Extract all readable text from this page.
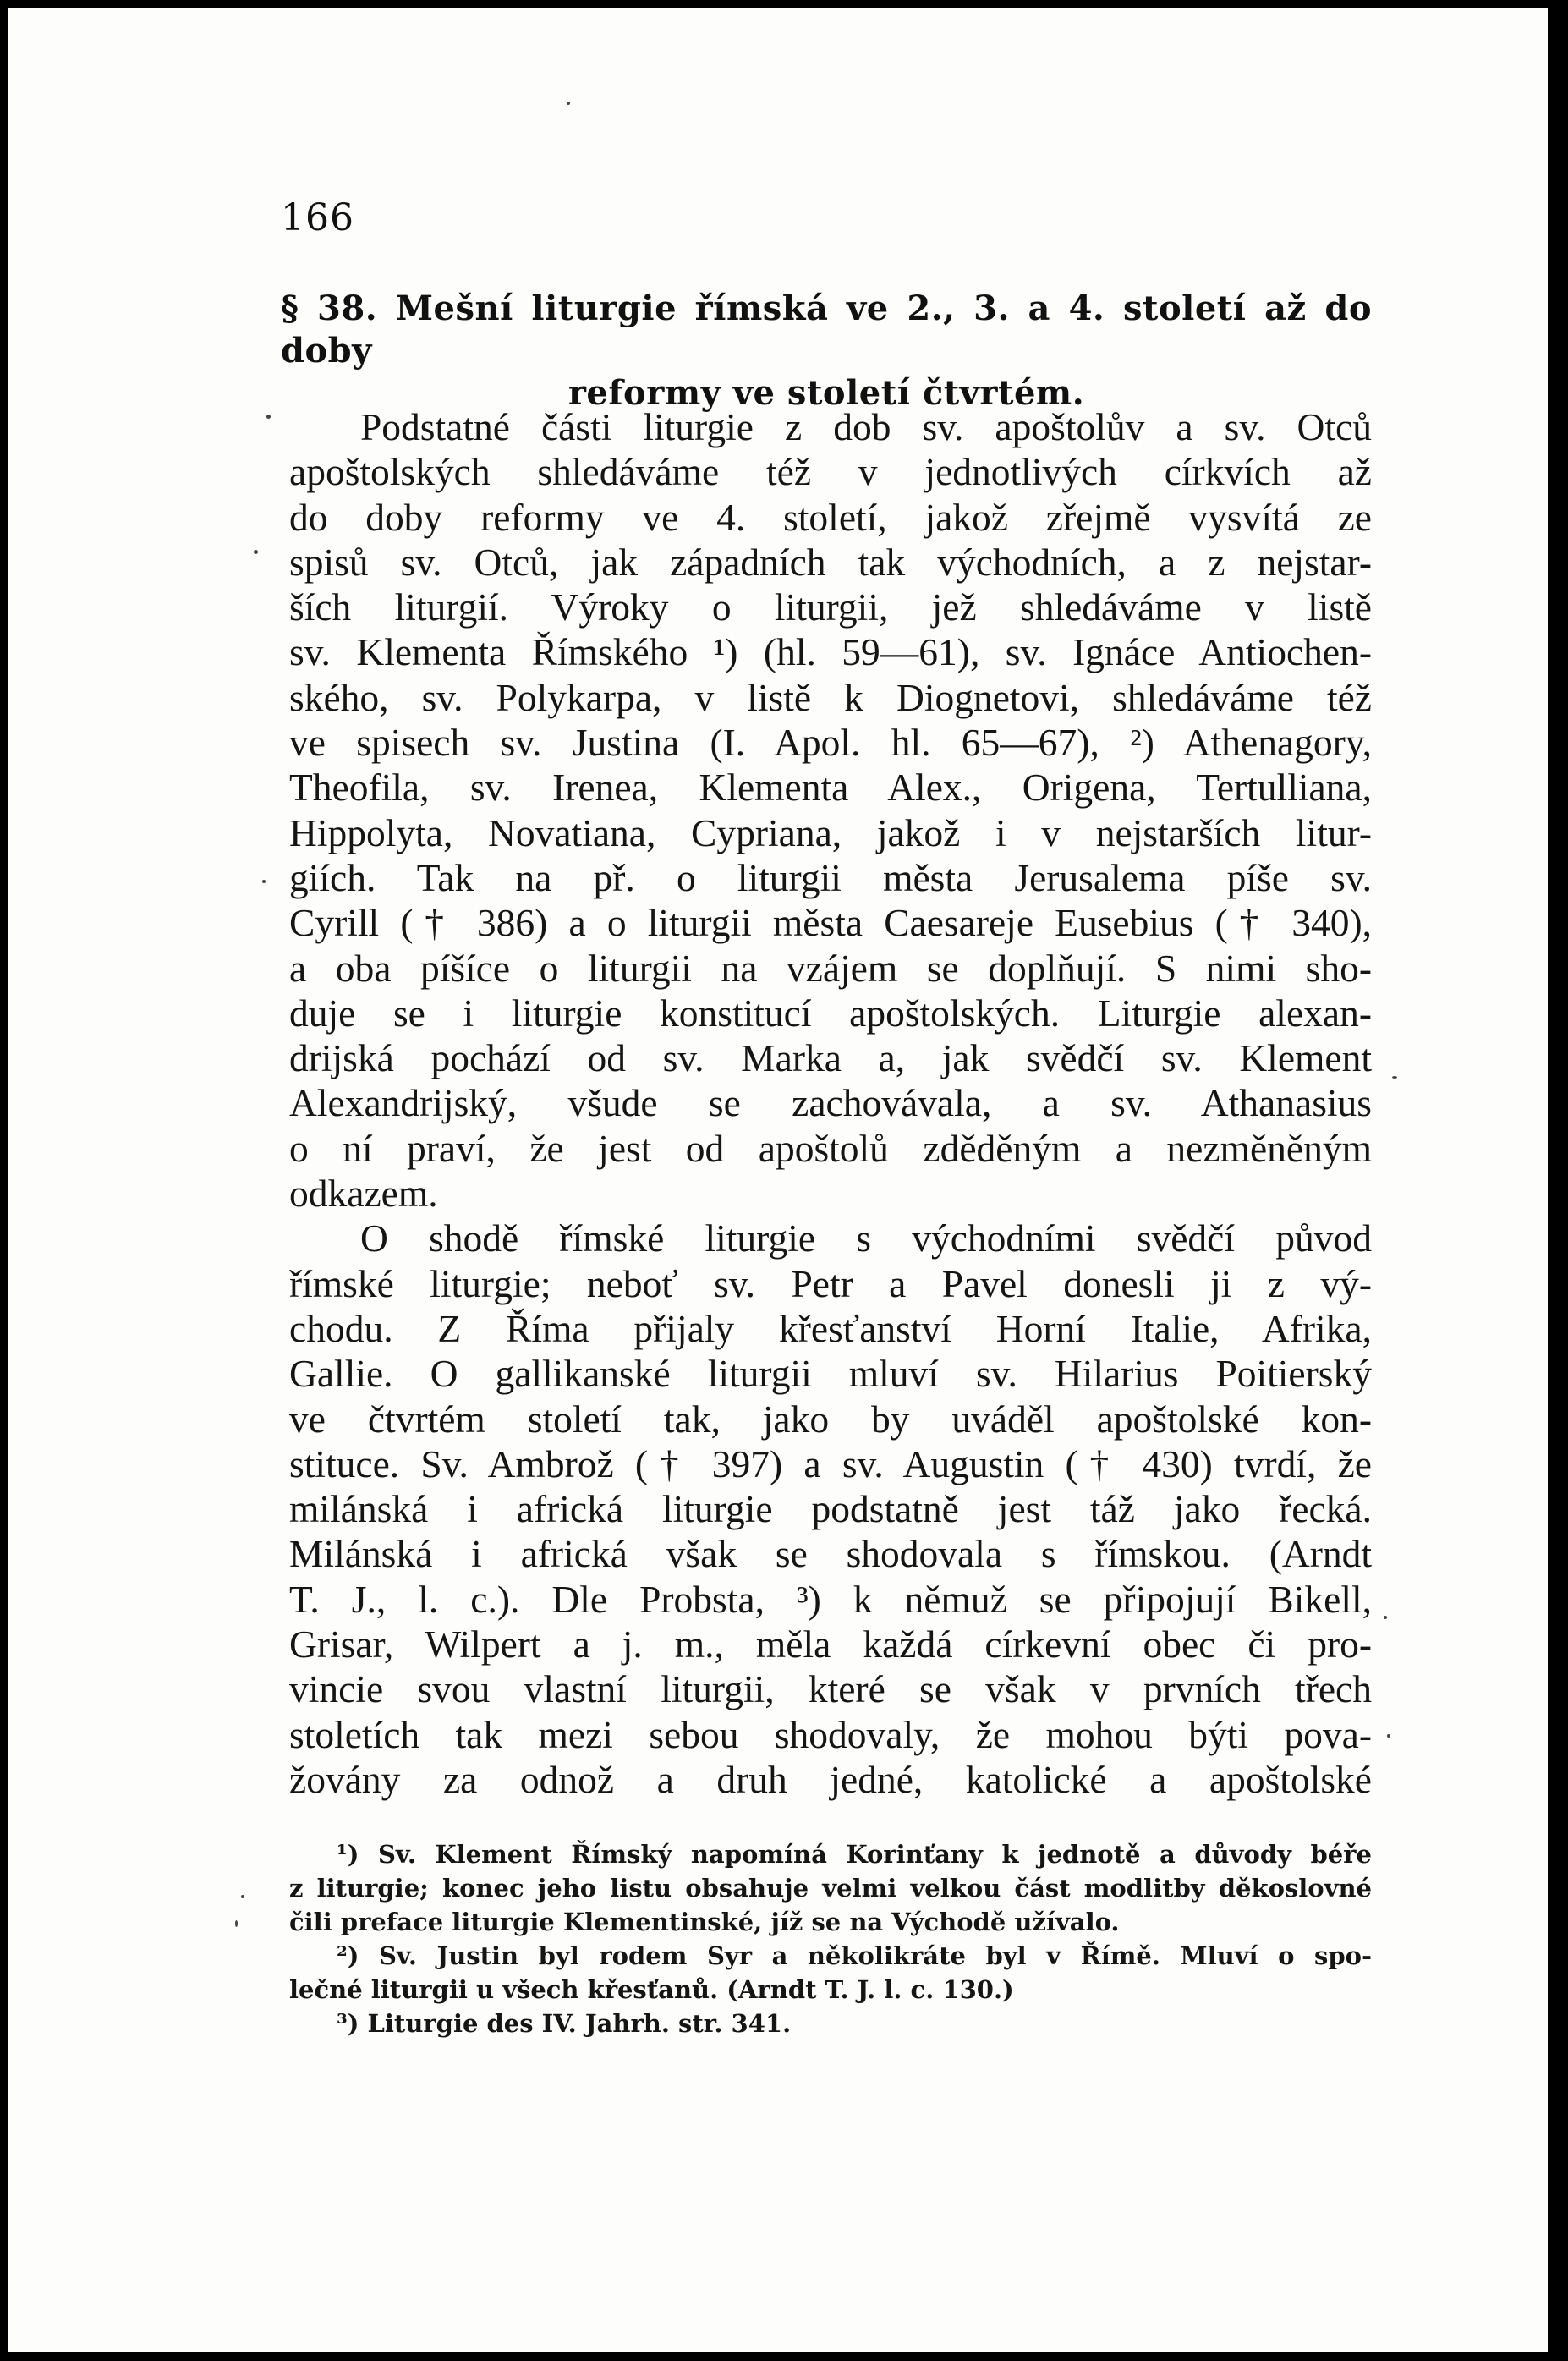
166
§ 38. Mešní liturgie římská ve 2., 3. a 4. století až do doby
reformy ve století čtvrtém.
Podstatné části liturgie z dob sv. apoštolův a sv. Otců
apoštolských shledáváme též v jednotlivých církvích až
do doby reformy ve 4. století, jakož zřejmě vysvítá ze
spisů sv. Otců, jak západních tak východních, a z nejstar-
ších liturgií. Výroky o liturgii, jež shledáváme v listě
sv. Klementa Římského ¹) (hl. 59—61), sv. Ignáce Antiochen-
ského, sv. Polykarpa, v listě k Diognetovi, shledáváme též
ve spisech sv. Justina (I. Apol. hl. 65—67), ²) Athenagory,
Theofila, sv. Irenea, Klementa Alex., Origena, Tertulliana,
Hippolyta, Novatiana, Cypriana, jakož i v nejstarších litur-
giích. Tak na př. o liturgii města Jerusalema píše sv.
Cyrill († 386) a o liturgii města Caesareje Eusebius († 340),
a oba píšíce o liturgii na vzájem se doplňují. S nimi sho-
duje se i liturgie konstitucí apoštolských. Liturgie alexan-
drijská pochází od sv. Marka a, jak svědčí sv. Klement
Alexandrijský, všude se zachovávala, a sv. Athanasius
o ní praví, že jest od apoštolů zděděným a nezměněným
odkazem.
O shodě římské liturgie s východními svědčí původ
římské liturgie; neboť sv. Petr a Pavel donesli ji z vý-
chodu. Z Říma přijaly křesťanství Horní Italie, Afrika,
Gallie. O gallikanské liturgii mluví sv. Hilarius Poitierský
ve čtvrtém století tak, jako by uváděl apoštolské kon-
stituce. Sv. Ambrož († 397) a sv. Augustin († 430) tvrdí, že
milánská i africká liturgie podstatně jest táž jako řecká.
Milánská i africká však se shodovala s římskou. (Arndt
T. J., l. c.). Dle Probsta, ³) k němuž se připojují Bikell,
Grisar, Wilpert a j. m., měla každá církevní obec či pro-
vincie svou vlastní liturgii, které se však v prvních třech
stoletích tak mezi sebou shodovaly, že mohou býti pova-
žovány za odnož a druh jedné, katolické a apoštolské
¹) Sv. Klement Římský napomíná Korinťany k jednotě a důvody béře
z liturgie; konec jeho listu obsahuje velmi velkou část modlitby děkoslovné
čili preface liturgie Klementinské, jíž se na Východě užívalo.
²) Sv. Justin byl rodem Syr a několikráte byl v Římě. Mluví o spo-
lečné liturgii u všech křesťanů. (Arndt T. J. l. c. 130.)
³) Liturgie des IV. Jahrh. str. 341.
